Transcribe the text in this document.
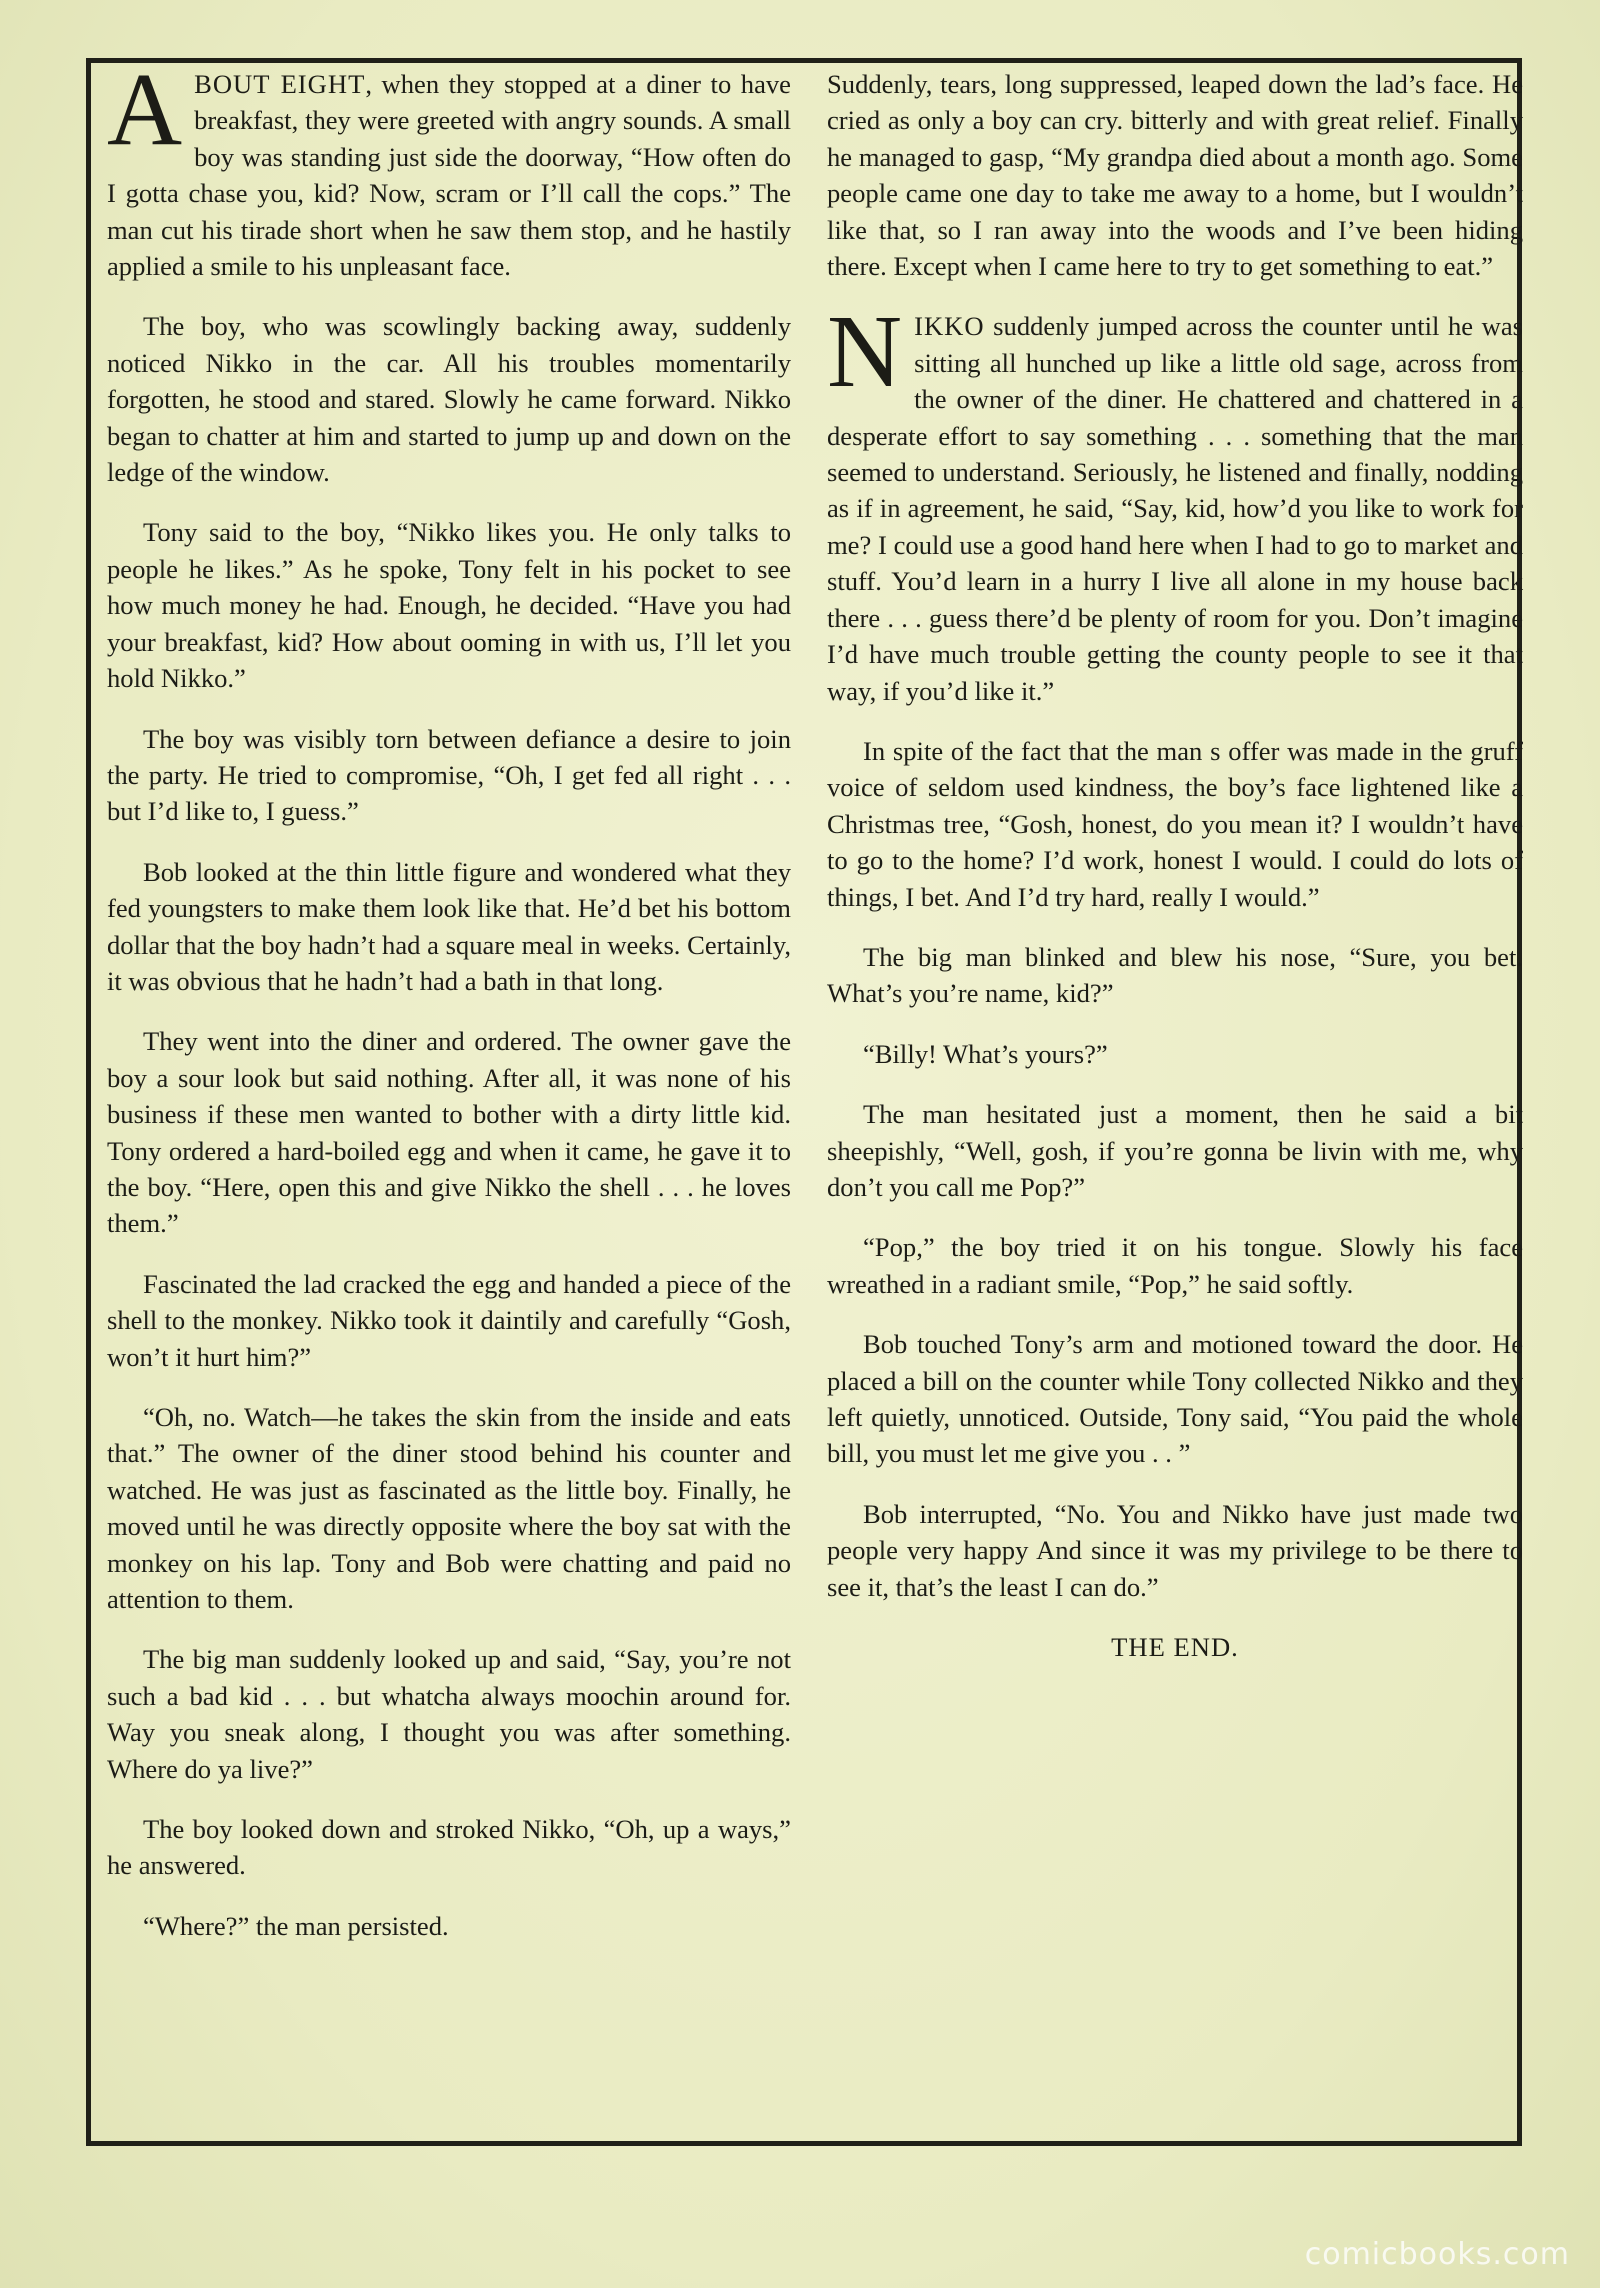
ABOUT EIGHT, when they stopped at a diner to have breakfast, they were greeted with angry sounds. A small boy was standing just side the doorway, “How often do I gotta chase you, kid? Now, scram or I’ll call the cops.” The man cut his tirade short when he saw them stop, and he hastily applied a smile to his unpleasant face.

The boy, who was scowlingly backing away, suddenly noticed Nikko in the car. All his troubles momentarily forgotten, he stood and stared. Slowly he came forward. Nikko began to chatter at him and started to jump up and down on the ledge of the window.

Tony said to the boy, “Nikko likes you. He only talks to people he likes.” As he spoke, Tony felt in his pocket to see how much money he had. Enough, he decided. “Have you had your breakfast, kid? How about ooming in with us, I’ll let you hold Nikko.”

The boy was visibly torn between defiance a desire to join the party. He tried to compromise, “Oh, I get fed all right . . . but I’d like to, I guess.”

Bob looked at the thin little figure and wondered what they fed youngsters to make them look like that. He’d bet his bottom dollar that the boy hadn’t had a square meal in weeks. Certainly, it was obvious that he hadn’t had a bath in that long.

They went into the diner and ordered. The owner gave the boy a sour look but said nothing. After all, it was none of his business if these men wanted to bother with a dirty little kid. Tony ordered a hard-boiled egg and when it came, he gave it to the boy. “Here, open this and give Nikko the shell . . . he loves them.”

Fascinated the lad cracked the egg and handed a piece of the shell to the monkey. Nikko took it daintily and carefully “Gosh, won’t it hurt him?”

“Oh, no. Watch—he takes the skin from the inside and eats that.” The owner of the diner stood behind his counter and watched. He was just as fascinated as the little boy. Finally, he moved until he was directly opposite where the boy sat with the monkey on his lap. Tony and Bob were chatting and paid no attention to them.

The big man suddenly looked up and said, “Say, you’re not such a bad kid . . . but whatcha always moochin around for. Way you sneak along, I thought you was after something. Where do ya live?”

The boy looked down and stroked Nikko, “Oh, up a ways,” he answered.

“Where?” the man persisted.

Suddenly, tears, long suppressed, leaped down the lad’s face. He cried as only a boy can cry. bitterly and with great relief. Finally he managed to gasp, “My grandpa died about a month ago. Some people came one day to take me away to a home, but I wouldn’t like that, so I ran away into the woods and I’ve been hiding there. Except when I came here to try to get something to eat.”

NIKKO suddenly jumped across the counter until he was sitting all hunched up like a little old sage, across from the owner of the diner. He chattered and chattered in a desperate effort to say something . . . something that the man seemed to understand. Seriously, he listened and finally, nodding as if in agreement, he said, “Say, kid, how’d you like to work for me? I could use a good hand here when I had to go to market and stuff. You’d learn in a hurry I live all alone in my house back there . . . guess there’d be plenty of room for you. Don’t imagine I’d have much trouble getting the county people to see it that way, if you’d like it.”

In spite of the fact that the man s offer was made in the gruff voice of seldom used kindness, the boy’s face lightened like a Christmas tree, “Gosh, honest, do you mean it? I wouldn’t have to go to the home? I’d work, honest I would. I could do lots of things, I bet. And I’d try hard, really I would.”

The big man blinked and blew his nose, “Sure, you bet. What’s you’re name, kid?”

“Billy! What’s yours?”

The man hesitated just a moment, then he said a bit sheepishly, “Well, gosh, if you’re gonna be livin with me, why don’t you call me Pop?”

“Pop,” the boy tried it on his tongue. Slowly his face wreathed in a radiant smile, “Pop,” he said softly.

Bob touched Tony’s arm and motioned toward the door. He placed a bill on the counter while Tony collected Nikko and they left quietly, unnoticed. Outside, Tony said, “You paid the whole bill, you must let me give you . . ”

Bob interrupted, “No. You and Nikko have just made two people very happy And since it was my privilege to be there to see it, that’s the least I can do.”

THE END.

comicbooks.com
